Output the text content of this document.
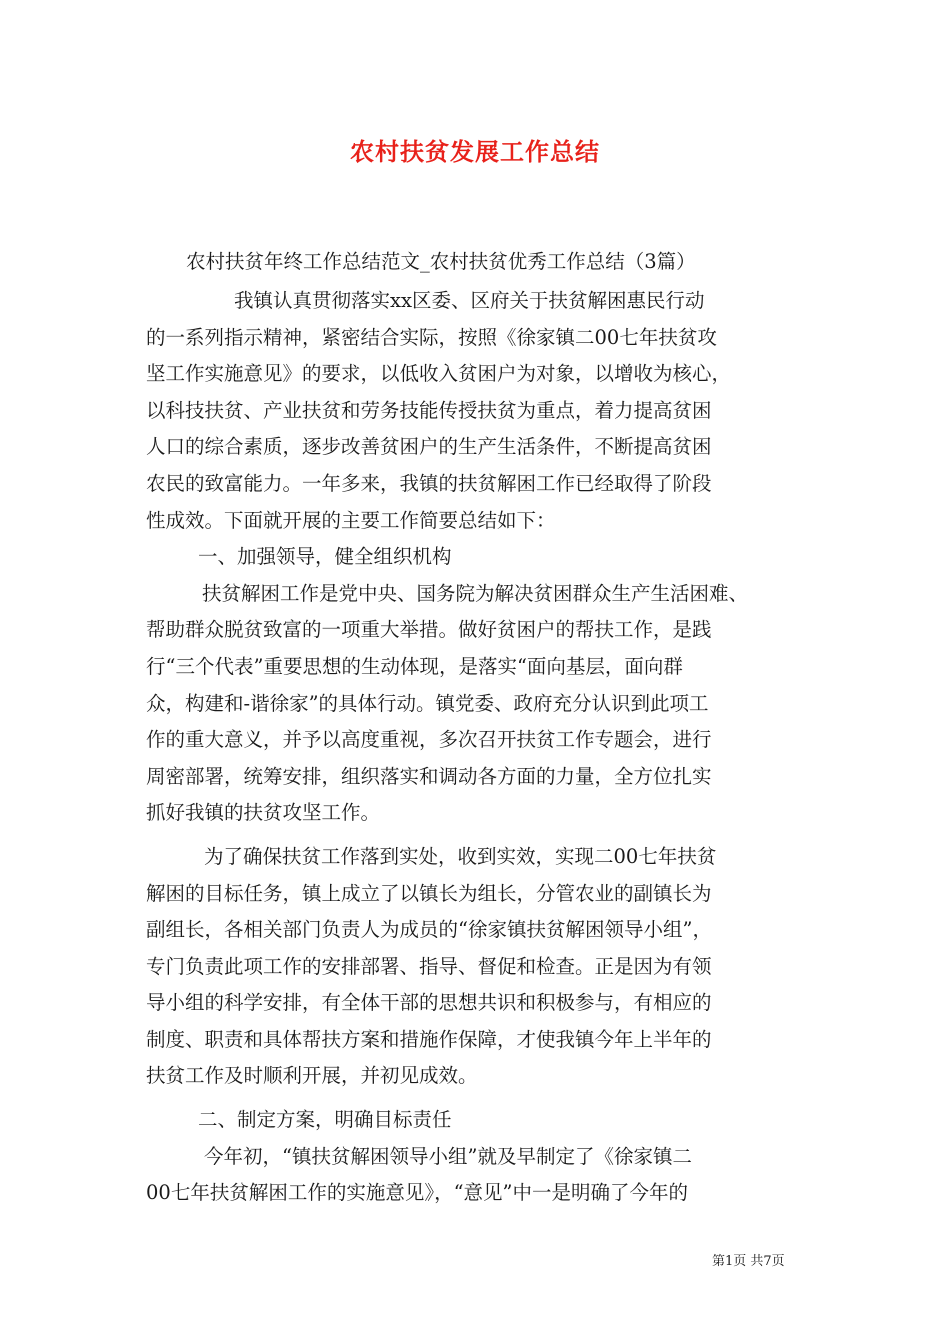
农村扶贫发展工作总结
农村扶贫年终工作总结范文_农村扶贫优秀工作总结（3篇）

我镇认真贯彻落实xx区委、区府关于扶贫解困惠民行动

的一系列指示精神，紧密结合实际，按照《徐家镇二00七年扶贫攻

坚工作实施意见》的要求，以低收入贫困户为对象，以增收为核心，

以科技扶贫、产业扶贫和劳务技能传授扶贫为重点，着力提高贫困

人口的综合素质，逐步改善贫困户的生产生活条件，不断提高贫困

农民的致富能力。一年多来，我镇的扶贫解困工作已经取得了阶段

性成效。下面就开展的主要工作简要总结如下：

一、加强领导，健全组织机构

扶贫解困工作是党中央、国务院为解决贫困群众生产生活困难、

帮助群众脱贫致富的一项重大举措。做好贫困户的帮扶工作，是践

行“三个代表”重要思想的生动体现，是落实“面向基层，面向群

众，构建和-谐徐家”的具体行动。镇党委、政府充分认识到此项工

作的重大意义，并予以高度重视，多次召开扶贫工作专题会，进行

周密部署，统筹安排，组织落实和调动各方面的力量，全方位扎实

抓好我镇的扶贫攻坚工作。

为了确保扶贫工作落到实处，收到实效，实现二00七年扶贫

解困的目标任务，镇上成立了以镇长为组长，分管农业的副镇长为

副组长，各相关部门负责人为成员的“徐家镇扶贫解困领导小组”，

专门负责此项工作的安排部署、指导、督促和检查。正是因为有领

导小组的科学安排，有全体干部的思想共识和积极参与，有相应的

制度、职责和具体帮扶方案和措施作保障，才使我镇今年上半年的

扶贫工作及时顺利开展，并初见成效。

二、制定方案，明确目标责任

今年初，“镇扶贫解困领导小组”就及早制定了《徐家镇二

00七年扶贫解困工作的实施意见》，“意见”中一是明确了今年的

第1页 共7页
